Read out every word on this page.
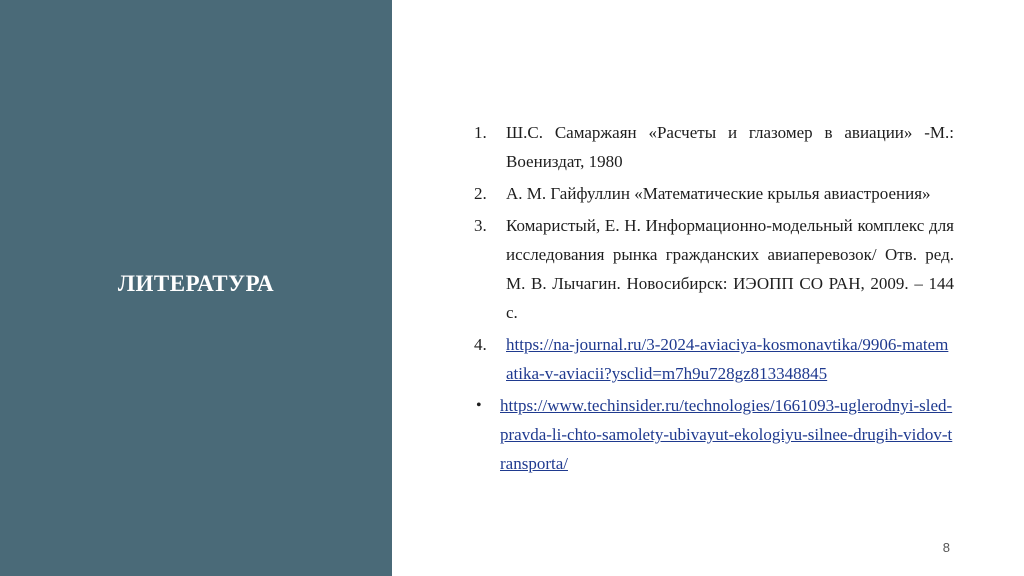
ЛИТЕРАТУРА
1.	Ш.С. Самаржаян «Расчеты и глазомер в авиации» -М.: Воениздат, 1980
2.	А. М. Гайфуллин «Математические крылья авиастроения»
3.	Комаристый, Е. Н. Информационно-модельный комплекс для исследования рынка гражданских авиаперевозок/ Отв. ред. М. В. Лычагин. Новосибирск: ИЭОПП СО РАН, 2009. – 144 с.
4.	https://na-journal.ru/3-2024-aviaciya-kosmonavtika/9906-matematika-v-aviacii?ysclid=m7h9u728gz813348845
•	https://www.techinsider.ru/technologies/1661093-uglerodnyi-sled-pravda-li-chto-samolety-ubivayut-ekologiyu-silnee-drugih-vidov-transporta/
8
